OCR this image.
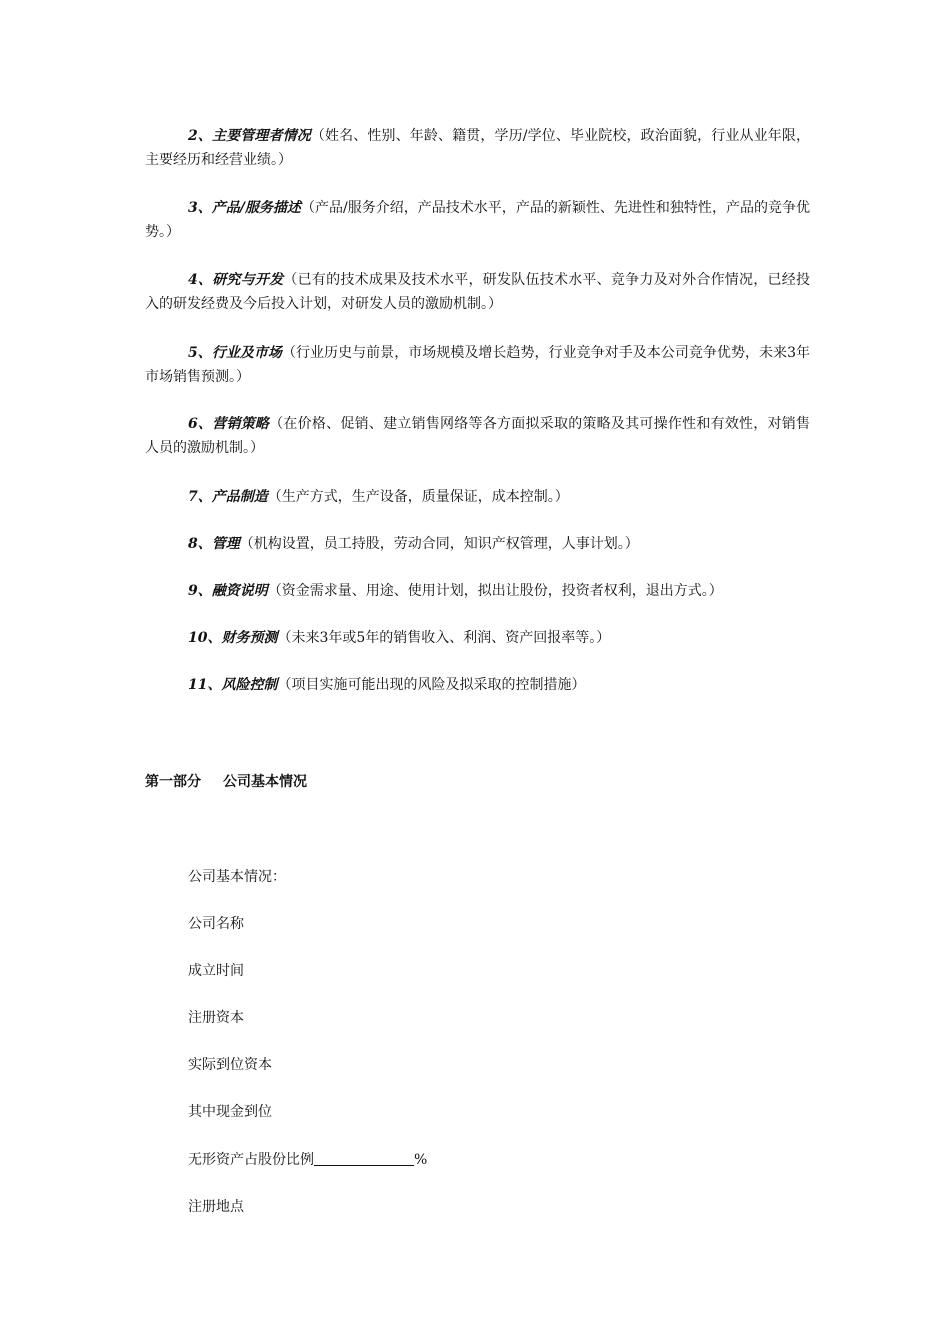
2、主要管理者情况（姓名、性别、年龄、籍贯，学历/学位、毕业院校，政治面貌，行业从业年限，主要经历和经营业绩。）
3、产品/服务描述（产品/服务介绍，产品技术水平，产品的新颖性、先进性和独特性，产品的竞争优势。）
4、研究与开发（已有的技术成果及技术水平，研发队伍技术水平、竞争力及对外合作情况，已经投入的研发经费及今后投入计划，对研发人员的激励机制。）
5、行业及市场（行业历史与前景，市场规模及增长趋势，行业竞争对手及本公司竞争优势，未来3年市场销售预测。）
6、营销策略（在价格、促销、建立销售网络等各方面拟采取的策略及其可操作性和有效性，对销售人员的激励机制。）
7、产品制造（生产方式，生产设备，质量保证，成本控制。）
8、管理（机构设置，员工持股，劳动合同，知识产权管理，人事计划。）
9、融资说明（资金需求量、用途、使用计划，拟出让股份，投资者权利，退出方式。）
10、财务预测（未来3年或5年的销售收入、利润、资产回报率等。）
11、风险控制（项目实施可能出现的风险及拟采取的控制措施）
第一部分 公司基本情况
公司基本情况：
公司名称
成立时间
注册资本
实际到位资本
其中现金到位
无形资产占股份比例	%
注册地点
